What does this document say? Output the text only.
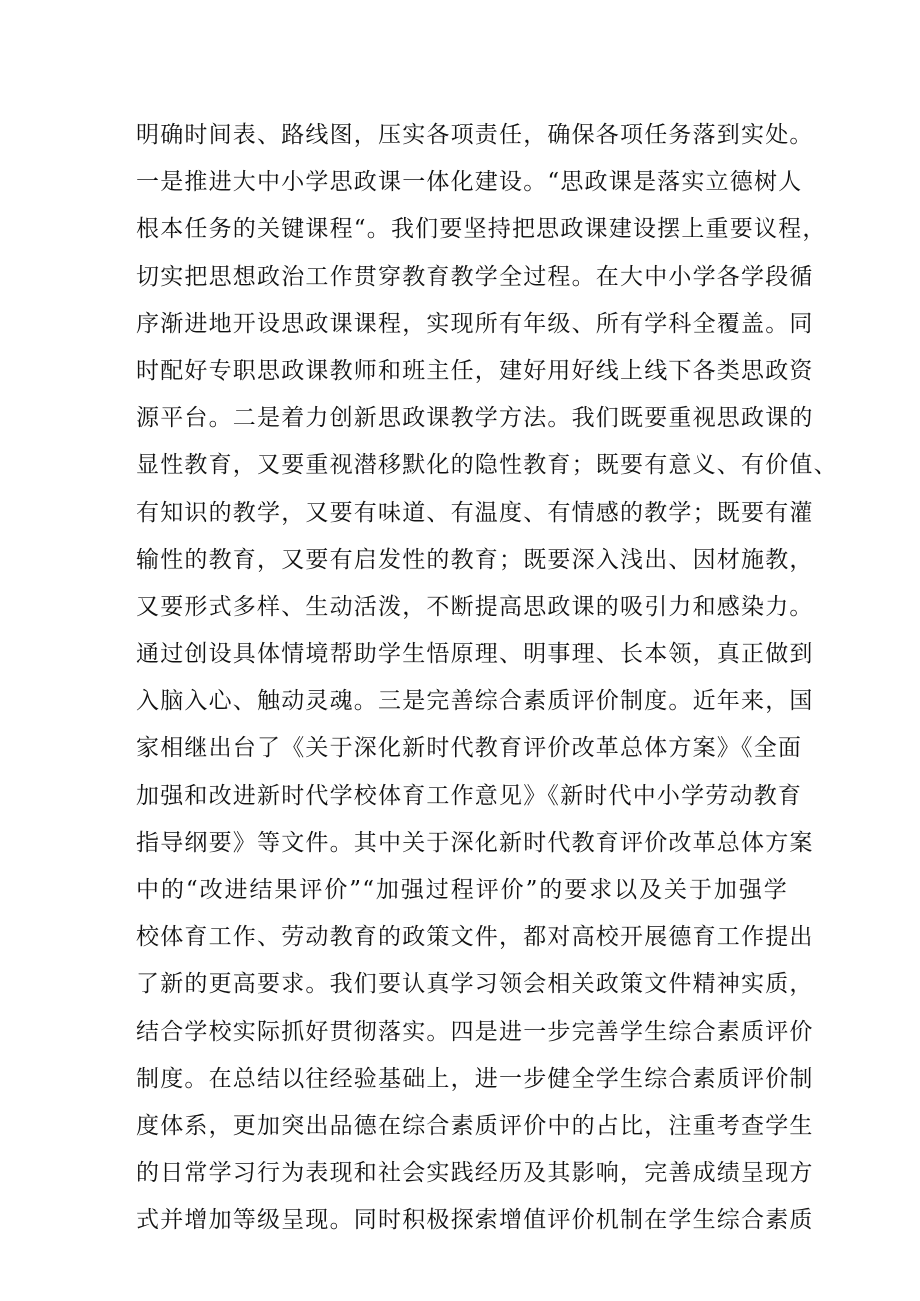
明确时间表、路线图，压实各项责任，确保各项任务落到实处。
一是推进大中小学思政课一体化建设。“思政课是落实立德树人
根本任务的关键课程“。我们要坚持把思政课建设摆上重要议程，
切实把思想政治工作贯穿教育教学全过程。在大中小学各学段循
序渐进地开设思政课课程，实现所有年级、所有学科全覆盖。同
时配好专职思政课教师和班主任，建好用好线上线下各类思政资
源平台。二是着力创新思政课教学方法。我们既要重视思政课的
显性教育，又要重视潜移默化的隐性教育；既要有意义、有价值、
有知识的教学，又要有味道、有温度、有情感的教学；既要有灌
输性的教育，又要有启发性的教育；既要深入浅出、因材施教，
又要形式多样、生动活泼，不断提高思政课的吸引力和感染力。
通过创设具体情境帮助学生悟原理、明事理、长本领，真正做到
入脑入心、触动灵魂。三是完善综合素质评价制度。近年来，国
家相继出台了《关于深化新时代教育评价改革总体方案》《全面
加强和改进新时代学校体育工作意见》《新时代中小学劳动教育
指导纲要》等文件。其中关于深化新时代教育评价改革总体方案
中的“改进结果评价”“加强过程评价”的要求以及关于加强学
校体育工作、劳动教育的政策文件，都对高校开展德育工作提出
了新的更高要求。我们要认真学习领会相关政策文件精神实质，
结合学校实际抓好贯彻落实。四是进一步完善学生综合素质评价
制度。在总结以往经验基础上，进一步健全学生综合素质评价制
度体系，更加突出品德在综合素质评价中的占比，注重考查学生
的日常学习行为表现和社会实践经历及其影响，完善成绩呈现方
式并增加等级呈现。同时积极探索增值评价机制在学生综合素质
